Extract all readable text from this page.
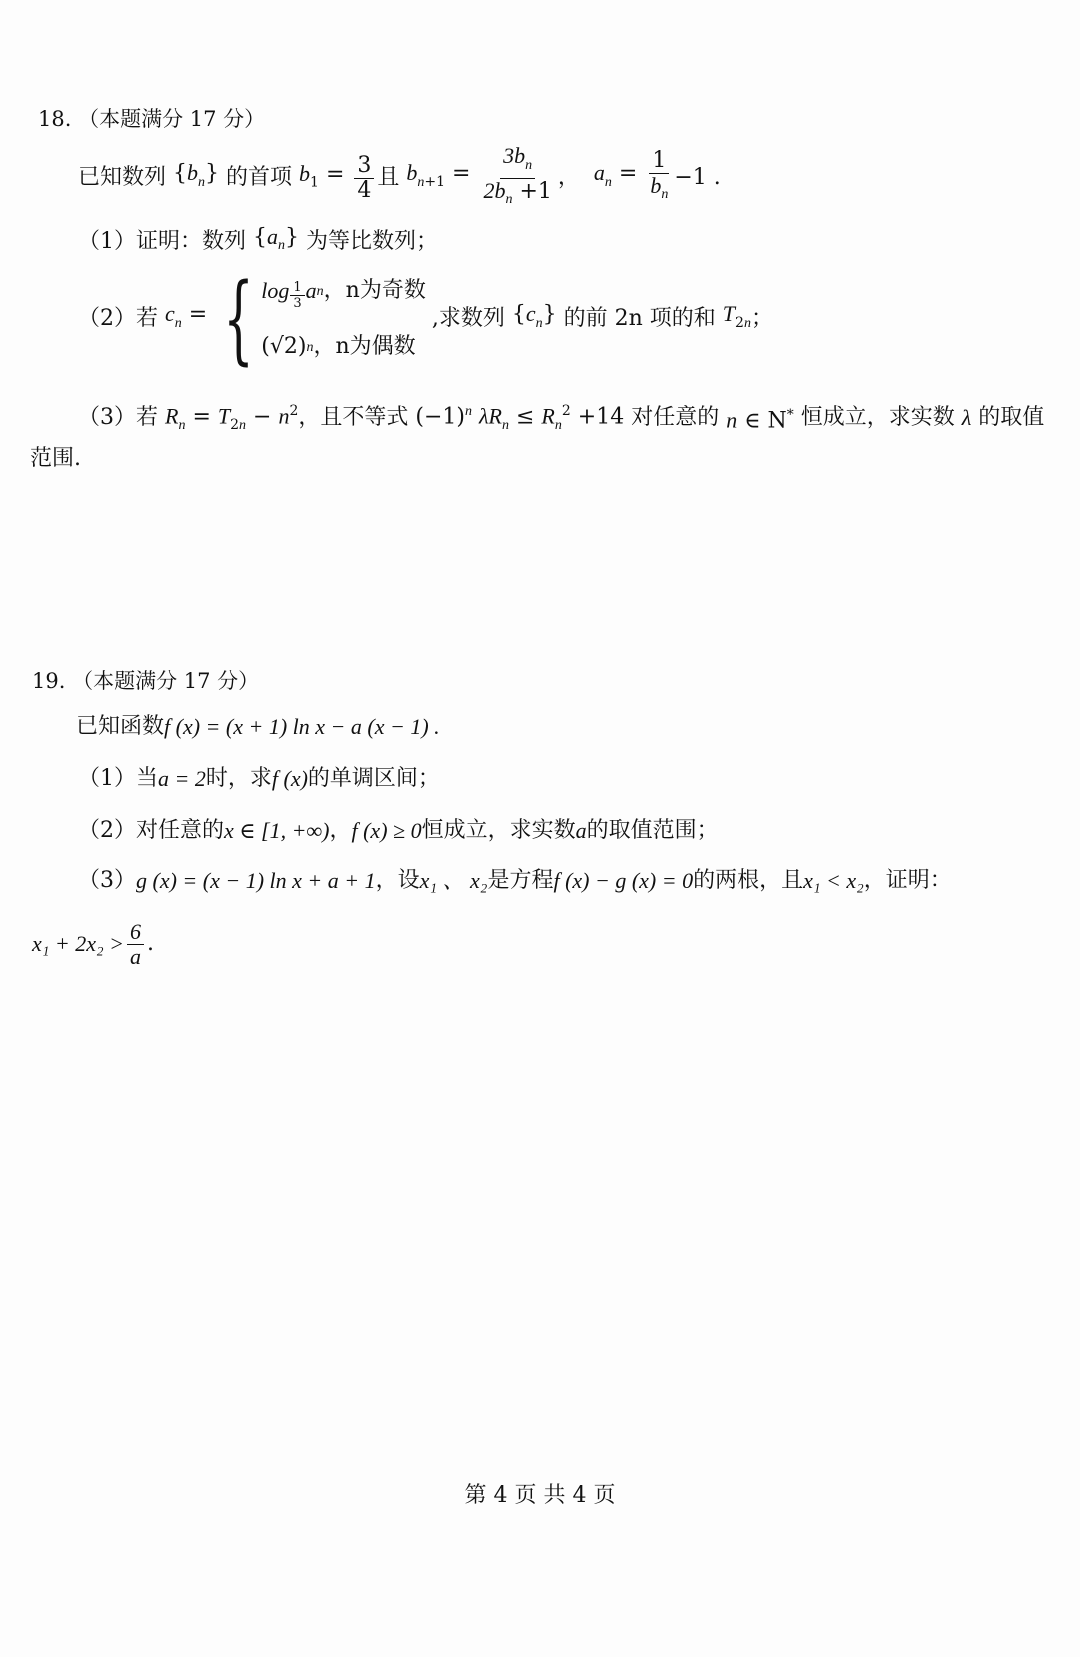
18. （本题满分 17 分）
已知数列 $\{b_n\}$ 的首项 $b_1 = \frac{3}{4}$ 且 $b_{n+1} = \frac{3b_n}{2b_n +1}$ ， $a_n = \frac{1}{b_n} -1$ .
（1）证明：数列 $\{a_n\}$ 为等比数列；
（2）若 $c_n$ = { $\log \frac{1}{3}$ a n ，n为奇数
(√2) n ，n为偶数
,求数列 $\{c_n\}$ 的前 2n 项的和 $T_{2n}$ ；
（3）若 $R_n = T_{2n} - n^2$ ，且不等式 $(-1)^n$ $\lambda R_n \le R_n^2 +14$ 对任意的 n ∈ N* 恒成立，求实数 λ 的取值
范围.
19. （本题满分 17 分）
已知函数 f (x) = (x + 1) ln x − a (x − 1) .
（1）当 a = 2 时，求 f (x) 的单调区间；
（2）对任意的 x ∈ [1, +∞) ， f (x) ≥ 0 恒成立，求实数 a 的取值范围；
（3） g (x) = (x − 1) ln x + a + 1 ，设 x₁ 、 x₂ 是方程 f (x) − g (x) = 0 的两根，且 x₁ < x₂ ，证明：
$x_1 + 2x_2 > \frac{6}{a}$ .
第 4 页 共 4 页
